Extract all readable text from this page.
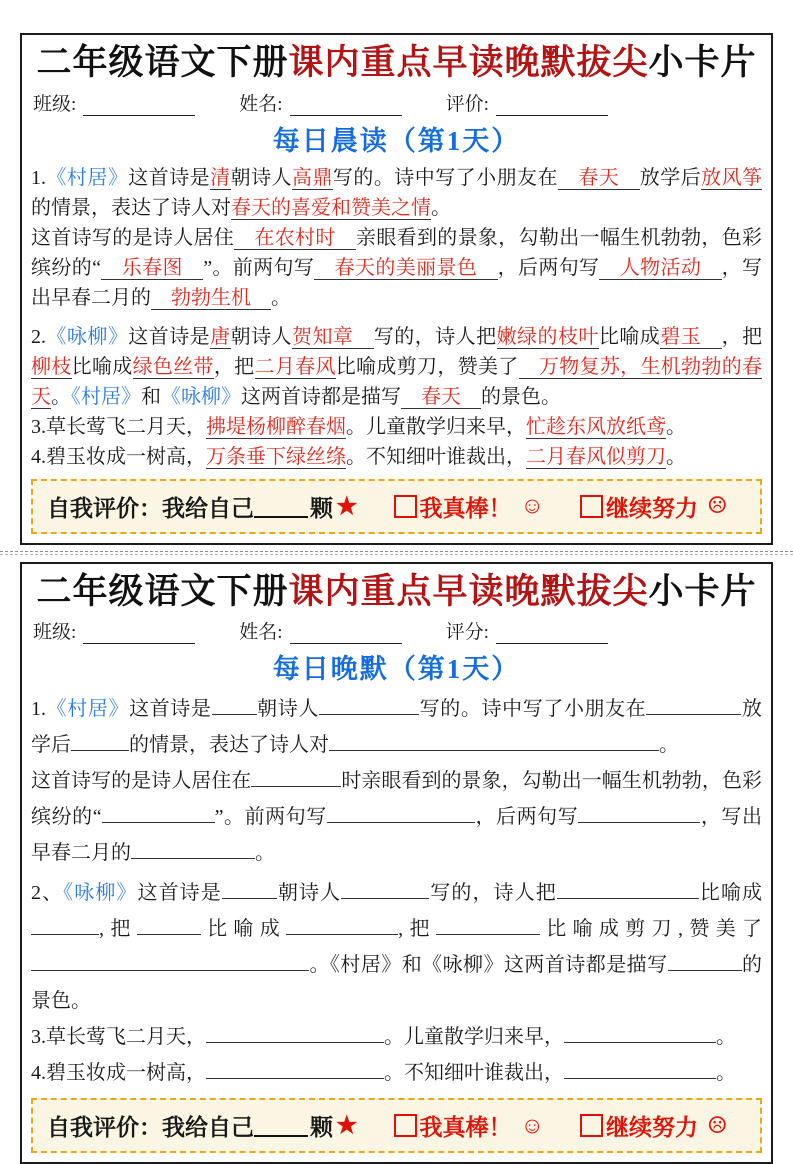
二年级语文下册课内重点早读晚默拔尖小卡片
班级:	姓名:	评价:
每日晨读（第1天）

1.《村居》这首诗是清朝诗人高鼎写的。诗中写了小朋友在　春天　放学后放风筝的情景，表达了诗人对春天的喜爱和赞美之情。

这首诗写的是诗人居住　在农村时　亲眼看到的景象，勾勒出一幅生机勃勃，色彩缤纷的“　乐春图　”。前两句写　春天的美丽景色　，后两句写　人物活动　，写出早春二月的　勃勃生机　。

2.《咏柳》这首诗是唐朝诗人贺知章　写的，诗人把嫩绿的枝叶比喻成碧玉　，把柳枝比喻成绿色丝带，把二月春风比喻成剪刀，赞美了　万物复苏，生机勃勃的春天。《村居》和《咏柳》这两首诗都是描写　春天　的景色。

3.草长莺飞二月天，拂堤杨柳醉春烟。儿童散学归来早，忙趁东风放纸鸢。

4.碧玉妆成一树高，万条垂下绿丝绦。不知细叶谁裁出，二月春风似剪刀。

自我评价：我给自己 颗 ★	我真棒！ ☺	继续努力 ☹
二年级语文下册课内重点早读晚默拔尖小卡片
班级:	姓名:	评分:
每日晚默（第1天）

1.《村居》这首诗是 朝诗人	写的。诗中写了小朋友在	放学后	的情景，表达了诗人对	。

这首诗写的是诗人居住在	时亲眼看到的景象，勾勒出一幅生机勃勃，色彩缤纷的“	”。前两句写	，后两句写	，写出早春二月的	。

2、《咏柳》这首诗是	朝诗人	写的，诗人把	比喻成,把	比喻成	,把	比喻成剪刀,赞美了。《村居》和《咏柳》这两首诗都是描写	的景色。

3.草长莺飞二月天，	。儿童散学归来早，	。

4.碧玉妆成一树高，	。不知细叶谁裁出，	。

自我评价：我给自己 颗 ★	我真棒！ ☺	继续努力 ☹
